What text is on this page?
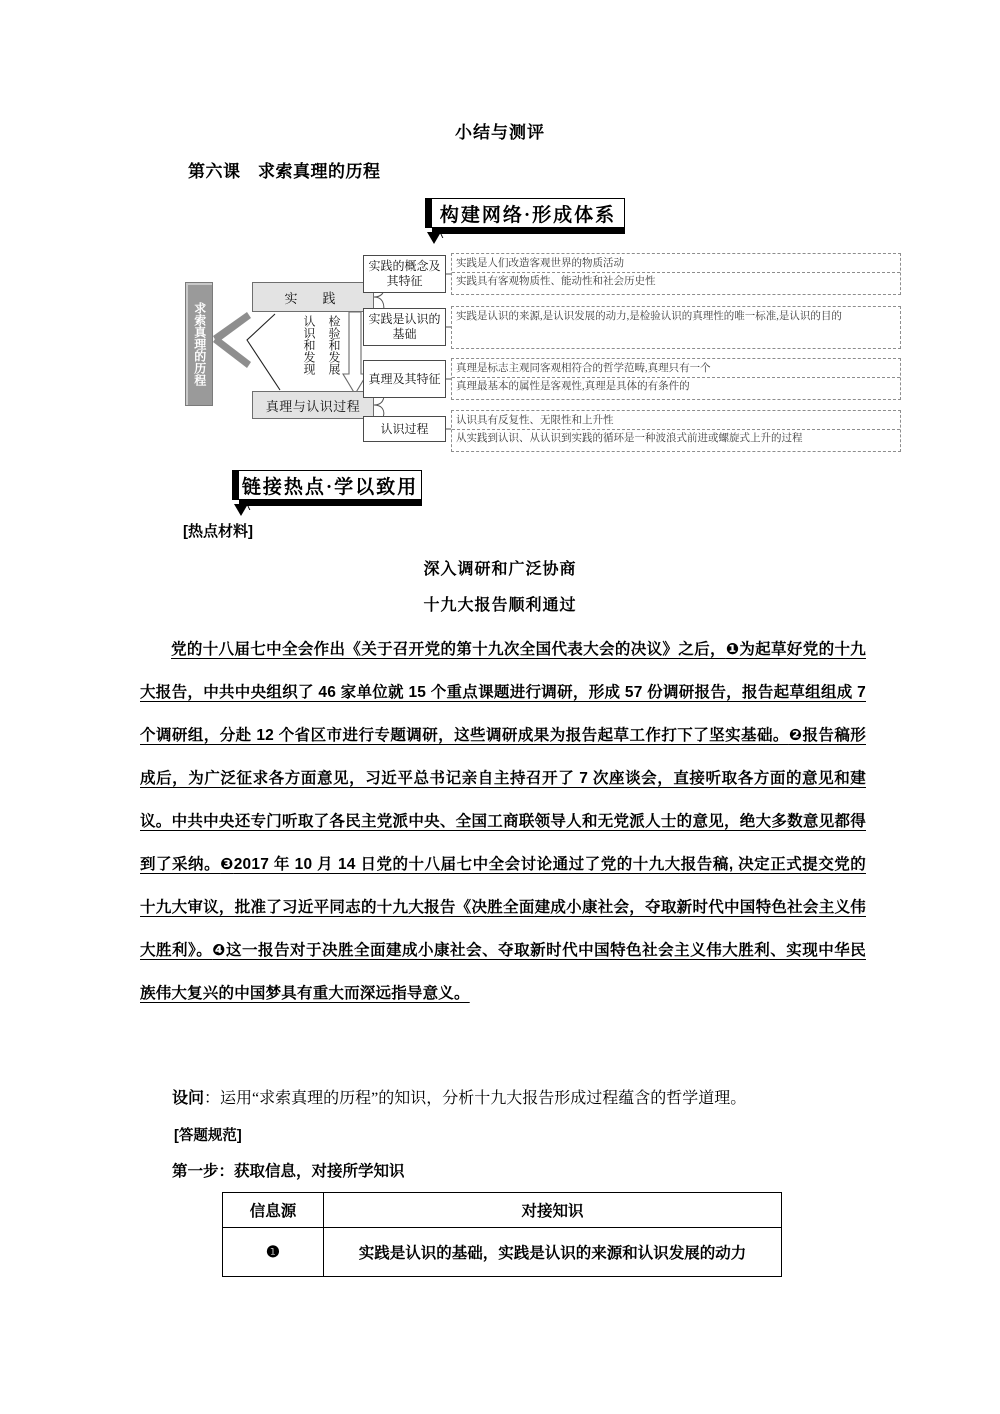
小结与测评
第六课　求索真理的历程
构建网络·形成体系
求索真理的历程
实　践
真理与认识过程
认识和发现 检验和发展
实践的概念及其特征
实践是认识的基础
真理及其特征
认识过程
实践是人们改造客观世界的物质活动
实践具有客观物质性、能动性和社会历史性
实践是认识的来源,是认识发展的动力,是检验认识的真理性的唯一标准,是认识的目的
真理是标志主观同客观相符合的哲学范畴,真理只有一个
真理最基本的属性是客观性,真理是具体的有条件的
认识具有反复性、无限性和上升性
从实践到认识、从认识到实践的循环是一种波浪式前进或螺旋式上升的过程
链接热点·学以致用
[热点材料]
深入调研和广泛协商
十九大报告顺利通过
党的十八届七中全会作出《关于召开党的第十九次全国代表大会的决议》之后，❶为起草好党的十九大报告，中共中央组织了 46 家单位就 15 个重点课题进行调研，形成 57 份调研报告，报告起草组组成 7 个调研组，分赴 12 个省区市进行专题调研，这些调研成果为报告起草工作打下了坚实基础。❷报告稿形成后，为广泛征求各方面意见，习近平总书记亲自主持召开了 7 次座谈会，直接听取各方面的意见和建议。中共中央还专门听取了各民主党派中央、全国工商联领导人和无党派人士的意见，绝大多数意见都得到了采纳。❸2017 年 10 月 14 日党的十八届七中全会讨论通过了党的十九大报告稿, 决定正式提交党的十九大审议，批准了习近平同志的十九大报告《决胜全面建成小康社会，夺取新时代中国特色社会主义伟大胜利》。❹这一报告对于决胜全面建成小康社会、夺取新时代中国特色社会主义伟大胜利、实现中华民族伟大复兴的中国梦具有重大而深远指导意义。
设问：运用“求索真理的历程”的知识，分析十九大报告形成过程蕴含的哲学道理。
[答题规范]
第一步：获取信息，对接所学知识
信息源	对接知识
❶	实践是认识的基础，实践是认识的来源和认识发展的动力
